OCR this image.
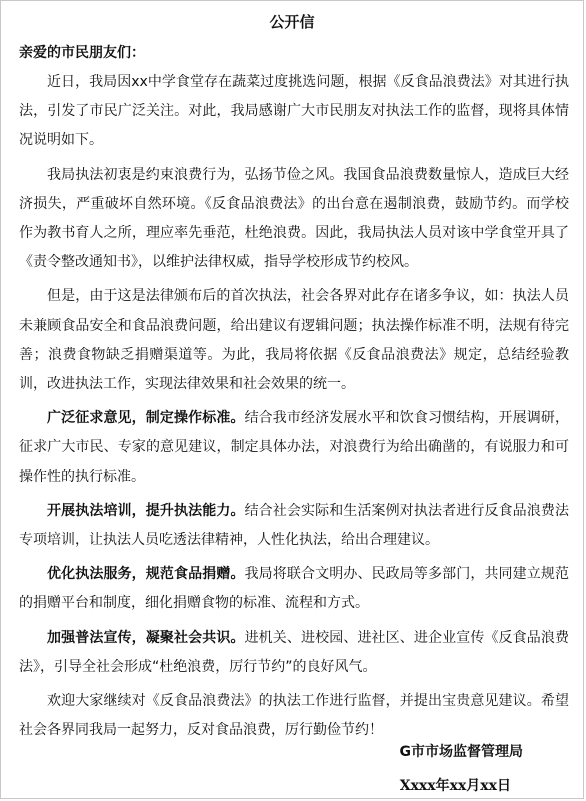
公开信
亲爱的市民朋友们：

近日，我局因xx中学食堂存在蔬菜过度挑选问题，根据《反食品浪费法》对其进行执法，引发了市民广泛关注。对此，我局感谢广大市民朋友对执法工作的监督，现将具体情况说明如下。

我局执法初衷是约束浪费行为，弘扬节俭之风。我国食品浪费数量惊人，造成巨大经济损失，严重破坏自然环境。《反食品浪费法》的出台意在遏制浪费，鼓励节约。而学校作为教书育人之所，理应率先垂范，杜绝浪费。因此，我局执法人员对该中学食堂开具了《责令整改通知书》，以维护法律权威，指导学校形成节约校风。

但是，由于这是法律颁布后的首次执法，社会各界对此存在诸多争议，如：执法人员未兼顾食品安全和食品浪费问题，给出建议有逻辑问题；执法操作标准不明，法规有待完善；浪费食物缺乏捐赠渠道等。为此，我局将依据《反食品浪费法》规定，总结经验教训，改进执法工作，实现法律效果和社会效果的统一。

广泛征求意见，制定操作标准。结合我市经济发展水平和饮食习惯结构，开展调研，征求广大市民、专家的意见建议，制定具体办法，对浪费行为给出确凿的，有说服力和可操作性的执行标准。

开展执法培训，提升执法能力。结合社会实际和生活案例对执法者进行反食品浪费法专项培训，让执法人员吃透法律精神，人性化执法，给出合理建议。

优化执法服务，规范食品捐赠。我局将联合文明办、民政局等多部门，共同建立规范的捐赠平台和制度，细化捐赠食物的标准、流程和方式。

加强普法宣传，凝聚社会共识。进机关、进校园、进社区、进企业宣传《反食品浪费法》，引导全社会形成“杜绝浪费，厉行节约”的良好风气。

欢迎大家继续对《反食品浪费法》的执法工作进行监督，并提出宝贵意见建议。希望社会各界同我局一起努力，反对食品浪费，厉行勤俭节约！

G市市场监督管理局
Xxxx年xx月xx日
